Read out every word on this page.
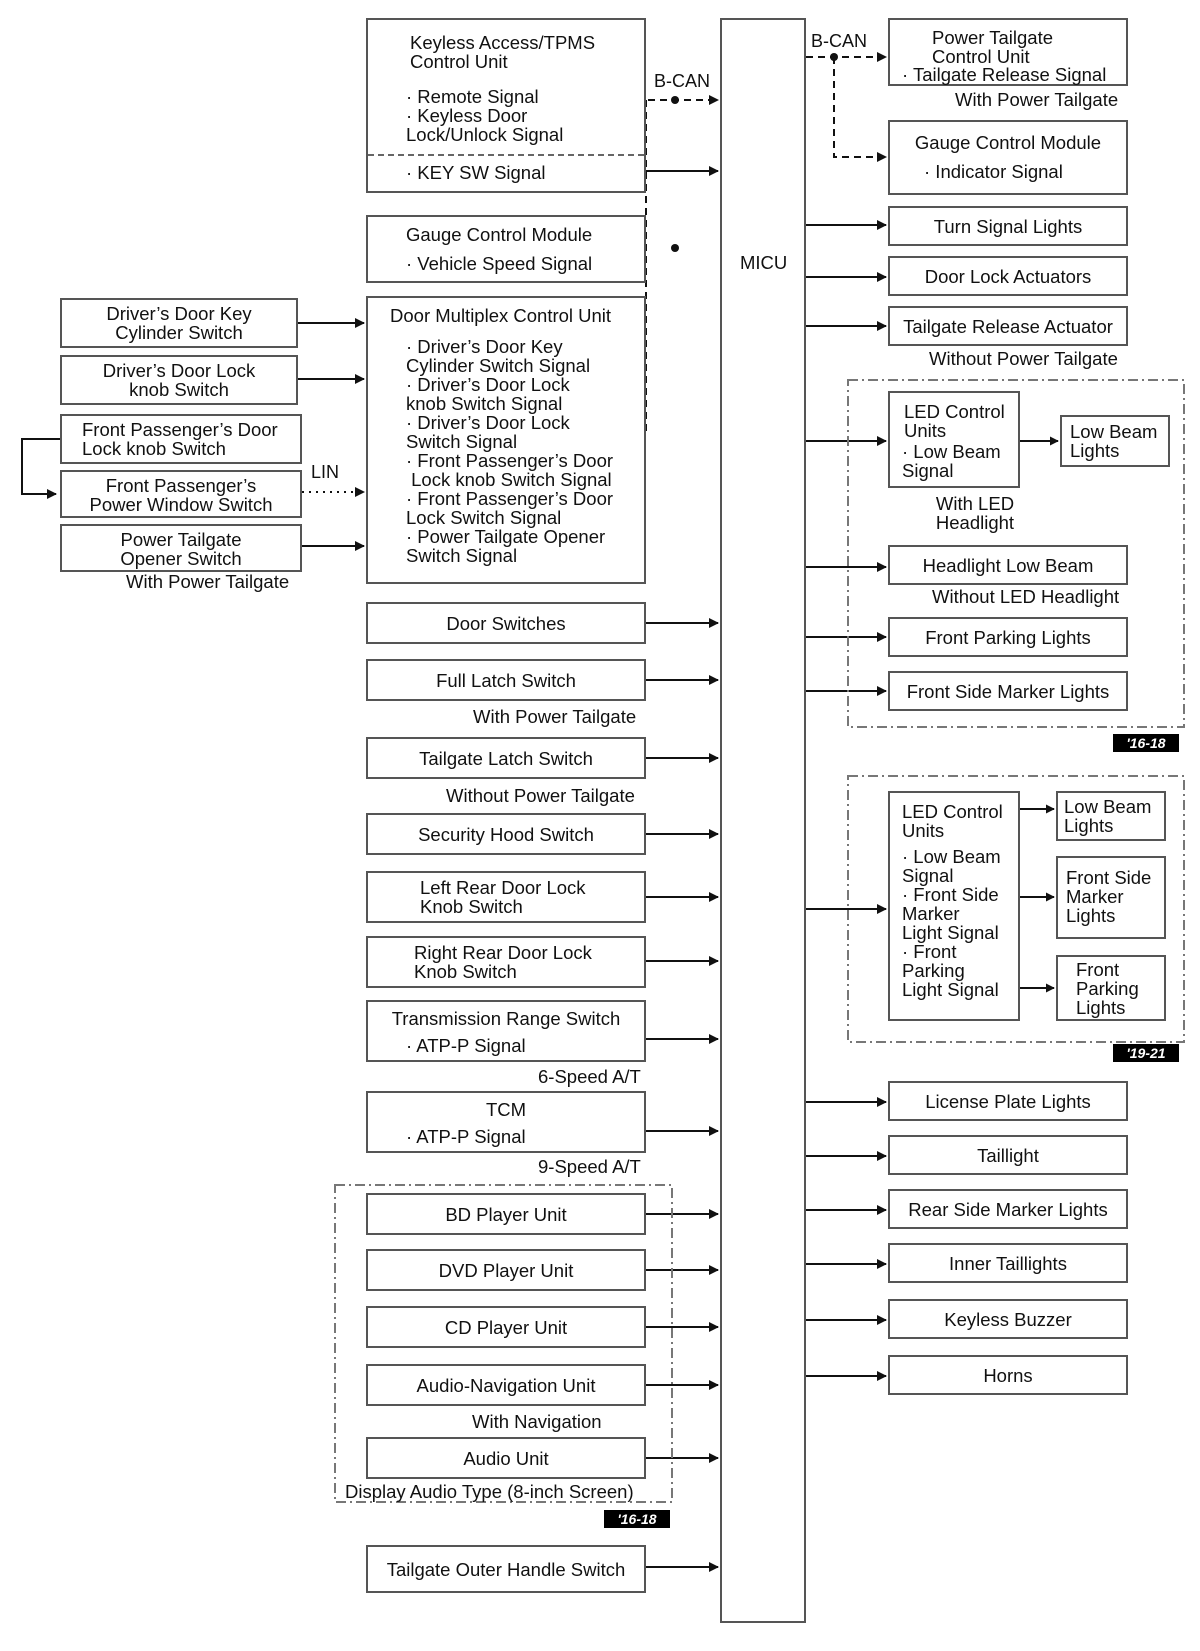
MICU
B-CAN
B-CAN
LIN
Keyless Access/TPMS
Control Unit
· Remote Signal
· Keyless Door
Lock/Unlock Signal
· KEY SW Signal
Gauge Control Module
· Vehicle Speed Signal
Door Multiplex Control Unit
· Driver’s Door Key
Cylinder Switch Signal
· Driver’s Door Lock
knob Switch Signal
· Driver’s Door Lock
Switch Signal
· Front Passenger’s Door
Lock knob Switch Signal
· Front Passenger’s Door
Lock Switch Signal
· Power Tailgate Opener
Switch Signal
Driver’s Door Key
Cylinder Switch
Driver’s Door Lock
knob Switch
Front Passenger’s Door
Lock knob Switch
Front Passenger’s
Power Window Switch
Power Tailgate
Opener Switch
With Power Tailgate
Door Switches
Full Latch Switch
With Power Tailgate
Tailgate Latch Switch
Without Power Tailgate
Security Hood Switch
Left Rear Door Lock
Knob Switch
Right Rear Door Lock
Knob Switch
Transmission Range Switch
· ATP-P Signal
6-Speed A/T
TCM
· ATP-P Signal
9-Speed A/T
BD Player Unit
DVD Player Unit
CD Player Unit
Audio-Navigation Unit
With Navigation
Audio Unit
Display Audio Type (8-inch Screen)
'16-18
Tailgate Outer Handle Switch
Power Tailgate
Control Unit
· Tailgate Release Signal
With Power Tailgate
Gauge Control Module
· Indicator Signal
Turn Signal Lights
Door Lock Actuators
Tailgate Release Actuator
Without Power Tailgate
LED Control
Units
· Low Beam
Signal
Low Beam
Lights
With LED
Headlight
Headlight Low Beam
Without LED Headlight
Front Parking Lights
Front Side Marker Lights
'16-18
LED Control
Units
· Low Beam
Signal
· Front Side
Marker
Light Signal
· Front
Parking
Light Signal
Low Beam
Lights
Front Side
Marker
Lights
Front
Parking
Lights
'19-21
License Plate Lights
Taillight
Rear Side Marker Lights
Inner Taillights
Keyless Buzzer
Horns
